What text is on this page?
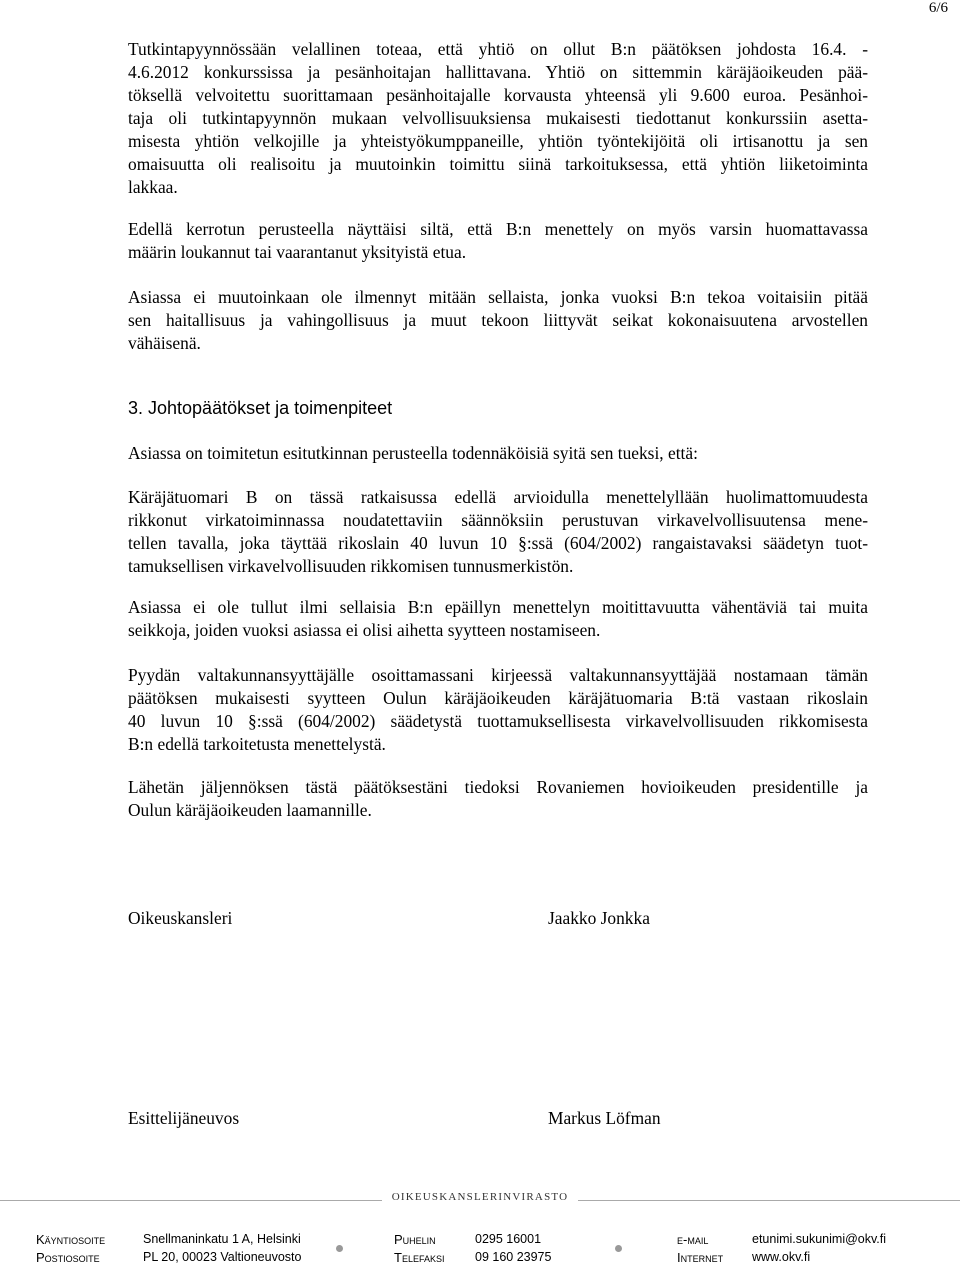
6/6
Tutkintapyynnössään velallinen toteaa, että yhtiö on ollut B:n päätöksen johdosta 16.4. -
4.6.2012 konkurssissa ja pesänhoitajan hallittavana. Yhtiö on sittemmin käräjäoikeuden pää-
töksellä velvoitettu suorittamaan pesänhoitajalle korvausta yhteensä yli 9.600 euroa. Pesänhoi-
taja oli tutkintapyynnön mukaan velvollisuuksiensa mukaisesti tiedottanut konkurssiin asetta-
misesta yhtiön velkojille ja yhteistyökumppaneille, yhtiön työntekijöitä oli irtisanottu ja sen
omaisuutta oli realisoitu ja muutoinkin toimittu siinä tarkoituksessa, että yhtiön liiketoiminta
lakkaa.
Edellä kerrotun perusteella näyttäisi siltä, että B:n menettely on myös varsin huomattavassa
määrin loukannut tai vaarantanut yksityistä etua.
Asiassa ei muutoinkaan ole ilmennyt mitään sellaista, jonka vuoksi B:n tekoa voitaisiin pitää
sen haitallisuus ja vahingollisuus ja muut tekoon liittyvät seikat kokonaisuutena arvostellen
vähäisenä.
3. Johtopäätökset ja toimenpiteet
Asiassa on toimitetun esitutkinnan perusteella todennäköisiä syitä sen tueksi, että:
Käräjätuomari B on tässä ratkaisussa edellä arvioidulla menettelyllään huolimattomuudesta
rikkonut virkatoiminnassa noudatettaviin säännöksiin perustuvan virkavelvollisuutensa mene-
tellen tavalla, joka täyttää rikoslain 40 luvun 10 §:ssä (604/2002) rangaistavaksi säädetyn tuot-
tamuksellisen virkavelvollisuuden rikkomisen tunnusmerkistön.
Asiassa ei ole tullut ilmi sellaisia B:n epäillyn menettelyn moitittavuutta vähentäviä tai muita
seikkoja, joiden vuoksi asiassa ei olisi aihetta syytteen nostamiseen.
Pyydän valtakunnansyyttäjälle osoittamassani kirjeessä valtakunnansyyttäjää nostamaan tämän
päätöksen mukaisesti syytteen Oulun käräjäoikeuden käräjätuomaria B:tä vastaan rikoslain
40 luvun 10 §:ssä (604/2002) säädetystä tuottamuksellisesta virkavelvollisuuden rikkomisesta
B:n edellä tarkoitetusta menettelystä.
Lähetän jäljennöksen tästä päätöksestäni tiedoksi Rovaniemen hovioikeuden presidentille ja
Oulun käräjäoikeuden laamannille.
Oikeuskansleri	Jaakko Jonkka
Esittelijäneuvos	Markus Löfman
OIKEUSKANSLERINVIRASTO
Käyntiosoite	Snellmaninkatu 1 A, Helsinki
Postiosoite	PL 20, 00023 Valtioneuvosto
Puhelin	0295 16001
Telefaksi 09 160 23975
e-mail	etunimi.sukunimi@okv.fi
Internet www.okv.fi
